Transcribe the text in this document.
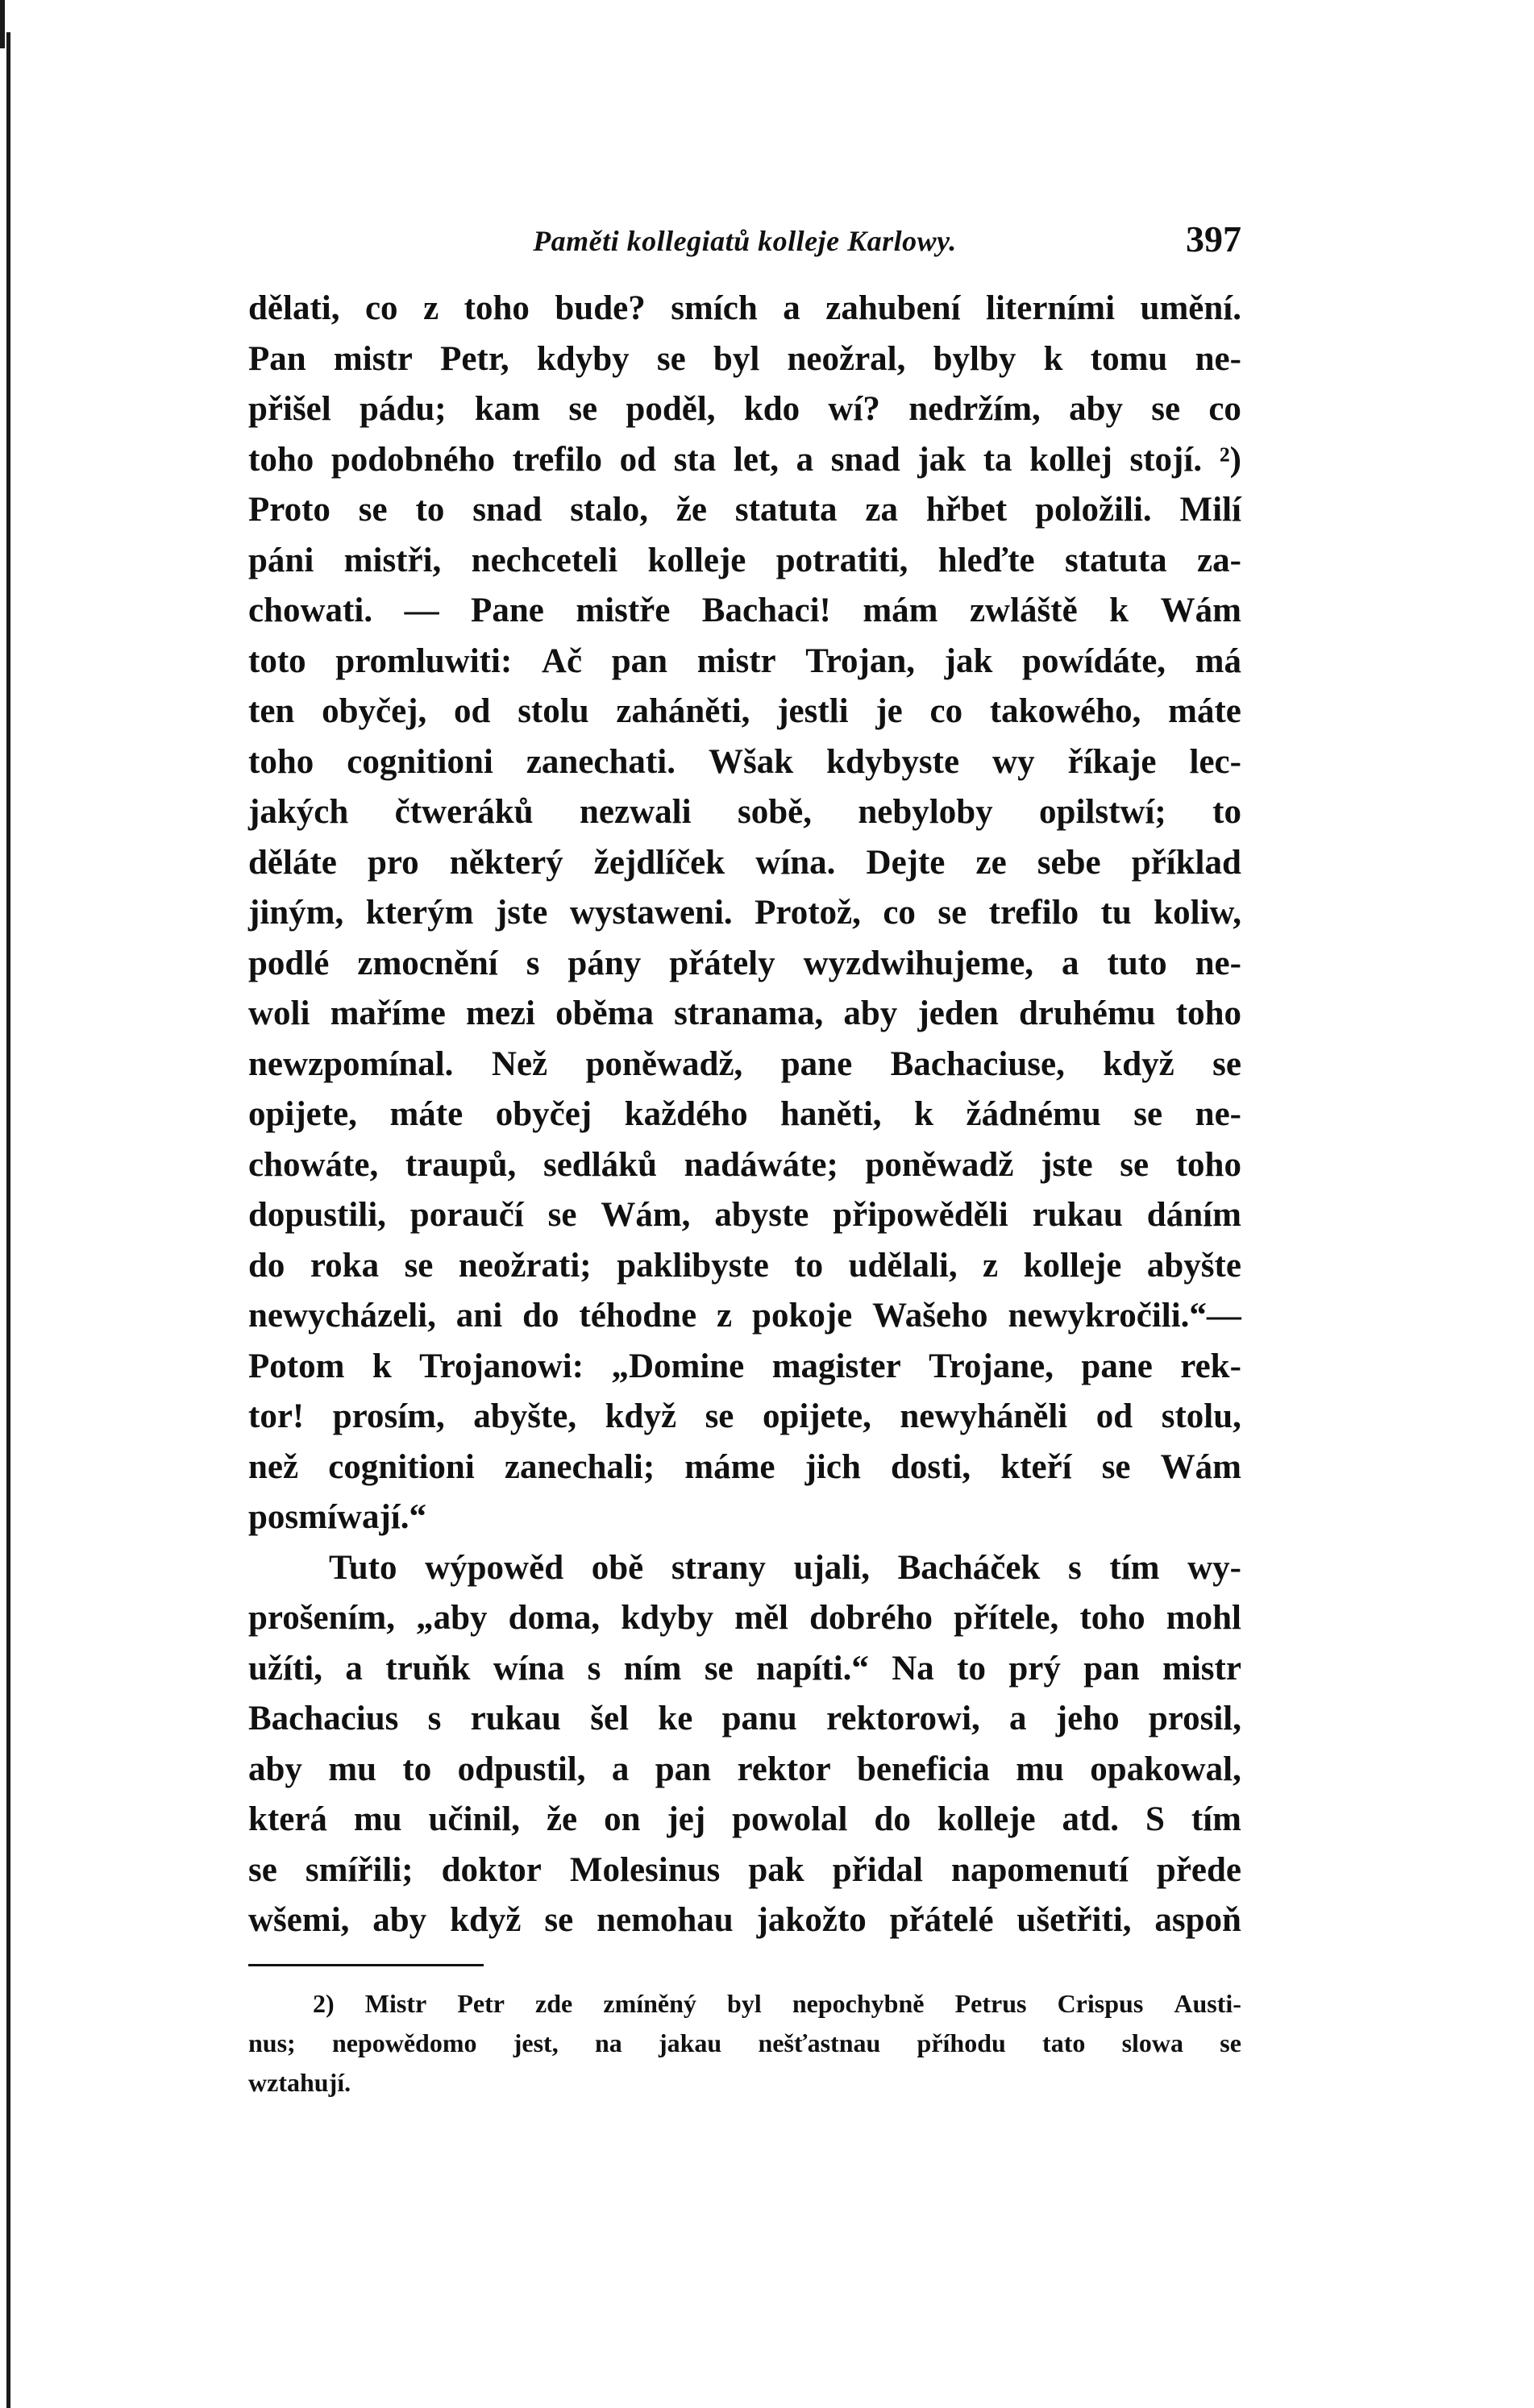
Paměti kollegiatů kolleje Karlowy.	397
dělati, co z toho bude? smích a zahubení literními umění.
Pan mistr Petr, kdyby se byl neožral, bylby k tomu ne-
přišel pádu; kam se poděl, kdo wí? nedržím, aby se co
toho podobného trefilo od sta let, a snad jak ta kollej stojí. ²)
Proto se to snad stalo, že statuta za hřbet položili. Milí
páni mistři, nechceteli kolleje potratiti, hleďte statuta za-
chowati. — Pane mistře Bachaci! mám zwláště k Wám
toto promluwiti: Ač pan mistr Trojan, jak powídáte, má
ten obyčej, od stolu zaháněti, jestli je co takowého, máte
toho cognitioni zanechati. Wšak kdybyste wy říkaje lec-
jakých čtweráků nezwali sobě, nebyloby opilstwí; to
děláte pro některý žejdlíček wína. Dejte ze sebe příklad
jiným, kterým jste wystaweni. Protož, co se trefilo tu koliw,
podlé zmocnění s pány přátely wyzdwihujeme, a tuto ne-
woli maříme mezi oběma stranama, aby jeden druhému toho
newzpomínal. Než poněwadž, pane Bachaciuse, když se
opijete, máte obyčej každého haněti, k žádnému se ne-
chowáte, traupů, sedláků nadáwáte; poněwadž jste se toho
dopustili, poraučí se Wám, abyste připowěděli rukau dáním
do roka se neožrati; paklibyste to udělali, z kolleje abyšte
newycházeli, ani do téhodne z pokoje Wašeho newykročili.“—
Potom k Trojanowi: „Domine magister Trojane, pane rek-
tor! prosím, abyšte, když se opijete, newyháněli od stolu,
než cognitioni zanechali; máme jich dosti, kteří se Wám
posmíwají.“
Tuto wýpowěd obě strany ujali, Bacháček s tím wy-
prošením, „aby doma, kdyby měl dobrého přítele, toho mohl
užíti, a truňk wína s ním se napíti.“ Na to prý pan mistr
Bachacius s rukau šel ke panu rektorowi, a jeho prosil,
aby mu to odpustil, a pan rektor beneficia mu opakowal,
která mu učinil, že on jej powolal do kolleje atd. S tím
se smířili; doktor Molesinus pak přidal napomenutí přede
wšemi, aby když se nemohau jakožto přátelé ušetřiti, aspoň
2) Mistr Petr zde zmíněný byl nepochybně Petrus Crispus Austi-
nus; nepowědomo jest, na jakau nešťastnau příhodu tato slowa se
wztahují.
